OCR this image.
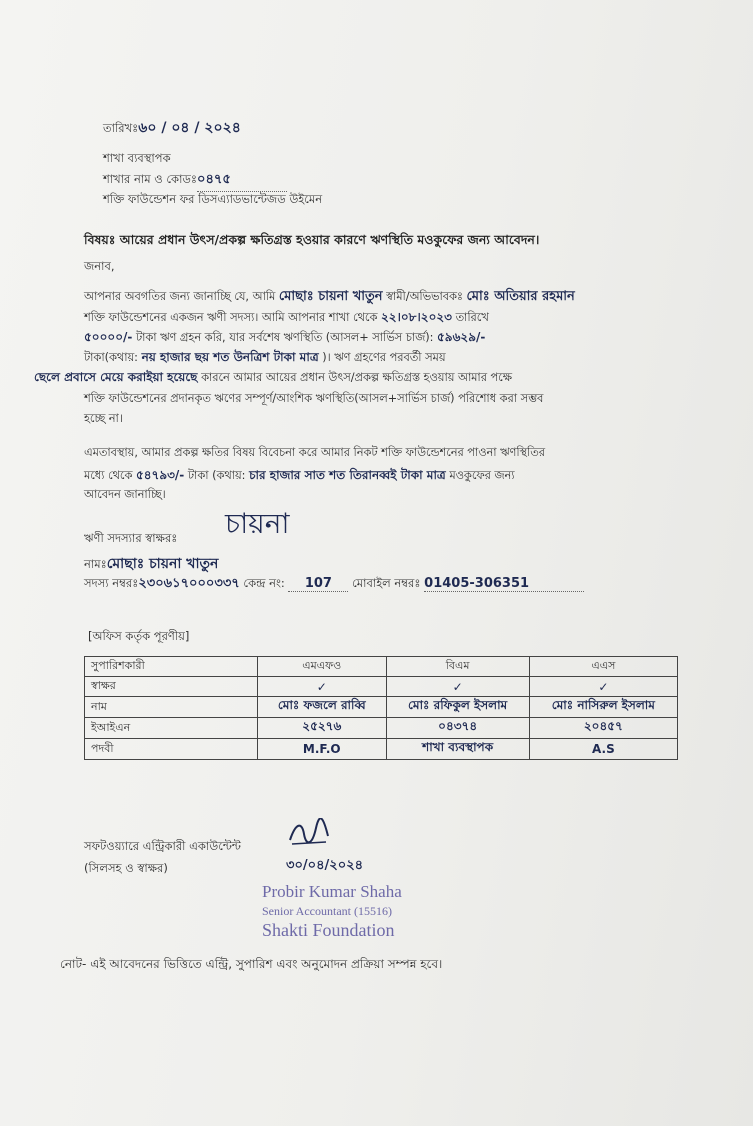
তারিখঃ৬০ / ০৪ / ২০২৪
শাখা ব্যবস্থাপক
শাখার নাম ও কোডঃ০৪৭৫
শক্তি ফাউন্ডেশন ফর ডিসএ্যাডভান্টেজড উইমেন
বিষয়ঃ আয়ের প্রধান উৎস/প্রকল্প ক্ষতিগ্রস্ত হওয়ার কারণে ঋণস্থিতি মওকুফের জন্য আবেদন।
জনাব,
আপনার অবগতির জন্য জানাচ্ছি যে, আমি মোছাঃ চায়না খাতুন স্বামী/অভিভাবকঃ মোঃ অতিয়ার রহমান
শক্তি ফাউন্ডেশনের একজন ঋণী সদস্য। আমি আপনার শাখা থেকে ২২।০৮।২০২৩ তারিখে
৫০০০০/- টাকা ঋণ গ্রহন করি, যার সর্বশেষ ঋণস্থিতি (আসল+ সার্ভিস চার্জ): ৫৯৬২৯/-
টাকা(কথায়: নয় হাজার ছয় শত উনত্রিশ টাকা মাত্র )। ঋণ গ্রহণের পরবর্তী সময়
ছেলে প্রবাসে মেয়ে করাইয়া হয়েছে কারনে আমার আয়ের প্রধান উৎস/প্রকল্প ক্ষতিগ্রস্ত হওয়ায় আমার পক্ষে
শক্তি ফাউন্ডেশনের প্রদানকৃত ঋণের সম্পূর্ণ/আংশিক ঋণস্থিতি(আসল+সার্ভিস চার্জ) পরিশোধ করা সম্ভব
হচ্ছে না।
এমতাবস্থায়, আমার প্রকল্প ক্ষতির বিষয় বিবেচনা করে আমার নিকট শক্তি ফাউন্ডেশনের পাওনা ঋণস্থিতির
মধ্যে থেকে ৫৪৭৯৩/- টাকা (কথায়: চার হাজার সাত শত তিরানব্বই টাকা মাত্র মওকুফের জন্য
আবেদন জানাচ্ছি।
ঋণী সদস্যার স্বাক্ষরঃ চায়না
নামঃমোছাঃ চায়না খাতুন
সদস্য নম্বরঃ২৩০৬১৭০০০৩৩৭ কেন্দ্র নং: 107 মোবাইল নম্বরঃ 01405-306351
[অফিস কর্তৃক পূরণীয়]
সুপারিশকারী	এমএফও	বিএম	এএস
স্বাক্ষর	✓	✓	✓
নাম	মোঃ ফজলে রাব্বি	মোঃ রফিকুল ইসলাম	মোঃ নাসিরুল ইসলাম
ইআইএন	২৫২৭৬	০৪৩৭৪	২০৪৫৭
পদবী	M.F.O	শাখা ব্যবস্থাপক	A.S
সফটওয়্যারে এন্ট্রিকারী একাউন্টেন্ট
(সিলসহ ও স্বাক্ষর)	৩০/০৪/২০২৪
Probir Kumar Shaha
Senior Accountant (15516)
Shakti Foundation
নোট- এই আবেদনের ভিত্তিতে এন্ট্রি, সুপারিশ এবং অনুমোদন প্রক্রিয়া সম্পন্ন হবে।
